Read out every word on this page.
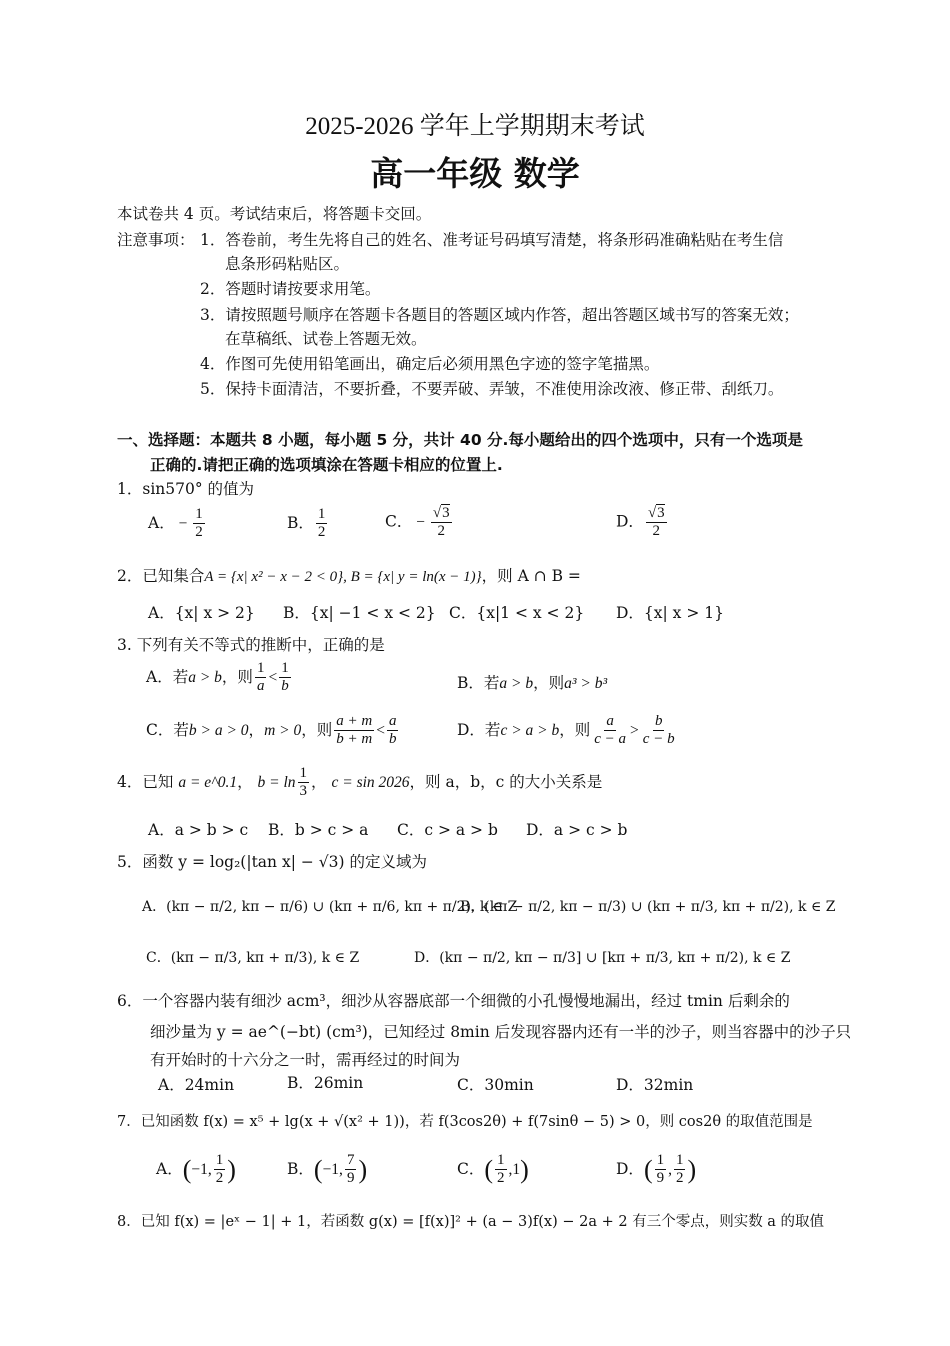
2025-2026 学年上学期期末考试
高一年级 数学
本试卷共 4 页。考试结束后，将答题卡交回。
注意事项： 1．答卷前，考生先将自己的姓名、准考证号码填写清楚，将条形码准确粘贴在考生信
息条形码粘贴区。
2．答题时请按要求用笔。
3．请按照题号顺序在答题卡各题目的答题区域内作答，超出答题区域书写的答案无效；
在草稿纸、试卷上答题无效。
4．作图可先使用铅笔画出，确定后必须用黑色字迹的签字笔描黑。
5．保持卡面清洁，不要折叠，不要弄破、弄皱，不准使用涂改液、修正带、刮纸刀。
一、选择题：本题共 8 小题，每小题 5 分，共计 40 分.每小题给出的四个选项中，只有一个选项是
正确的.请把正确的选项填涂在答题卡相应的位置上.
1．sin570° 的值为
A． − $\frac{1}{2}$	B． $\frac{1}{2}$	C． − $\frac{√3}{2}$	D． $\frac{√3}{2}$
2．已知集合A = {x| x² − x − 2 < 0}, B = {x| y = ln(x − 1)}，则 A ∩ B =
A．{x| x > 2} B．{x| −1 < x < 2} C．{x|1 < x < 2} D．{x| x > 1}
3. 下列有关不等式的推断中，正确的是
A．若a > b，则 $\frac{1}{a} < \frac{1}{b}$	B．若a > b，则a³ > b³
C．若b > a > 0，m > 0，则 $\frac{a + m}{b + m} < \frac{a}{b}$	D．若c > a > b，则 $\frac{a}{c - a} > \frac{b}{c - b}$
4．已知 a = e^0.1， $b = \ln \frac{1}{3}$ ， c = sin 2026，则 a，b，c 的大小关系是
A．a > b > c B．b > c > a C．c > a > b D．a > c > b
5．函数 y = log₂(|tan x| − √3) 的定义域为
A．(kπ − π/2, kπ − π/6) ∪ (kπ + π/6, kπ + π/2), k ∈ Z
B．(kπ − π/2, kπ − π/3) ∪ (kπ + π/3, kπ + π/2), k ∈ Z
C．(kπ − π/3, kπ + π/3), k ∈ Z	D．(kπ − π/2, kπ − π/3] ∪ [kπ + π/3, kπ + π/2), k ∈ Z
6．一个容器内装有细沙 acm³，细沙从容器底部一个细微的小孔慢慢地漏出，经过 tmin 后剩余的
细沙量为 y = ae^(−bt) (cm³)，已知经过 8min 后发现容器内还有一半的沙子，则当容器中的沙子只
有开始时的十六分之一时，需再经过的时间为
A．24min	B．26min	C．30min	D．32min
7．已知函数 f(x) = x⁵ + lg(x + √(x² + 1))，若 f(3cos2θ) + f(7sinθ − 5) > 0，则 cos2θ 的取值范围是
A．(−1, $\frac{1}{2}$ )	B．(−1, $\frac{7}{9}$ )	C．( $\frac{1}{2} ,1$)	D．( $\frac{1}{9}$ , $\frac{1}{2}$ )
8．已知 f(x) = |eˣ − 1| + 1，若函数 g(x) = [f(x)]² + (a − 3)f(x) − 2a + 2 有三个零点，则实数 a 的取值
